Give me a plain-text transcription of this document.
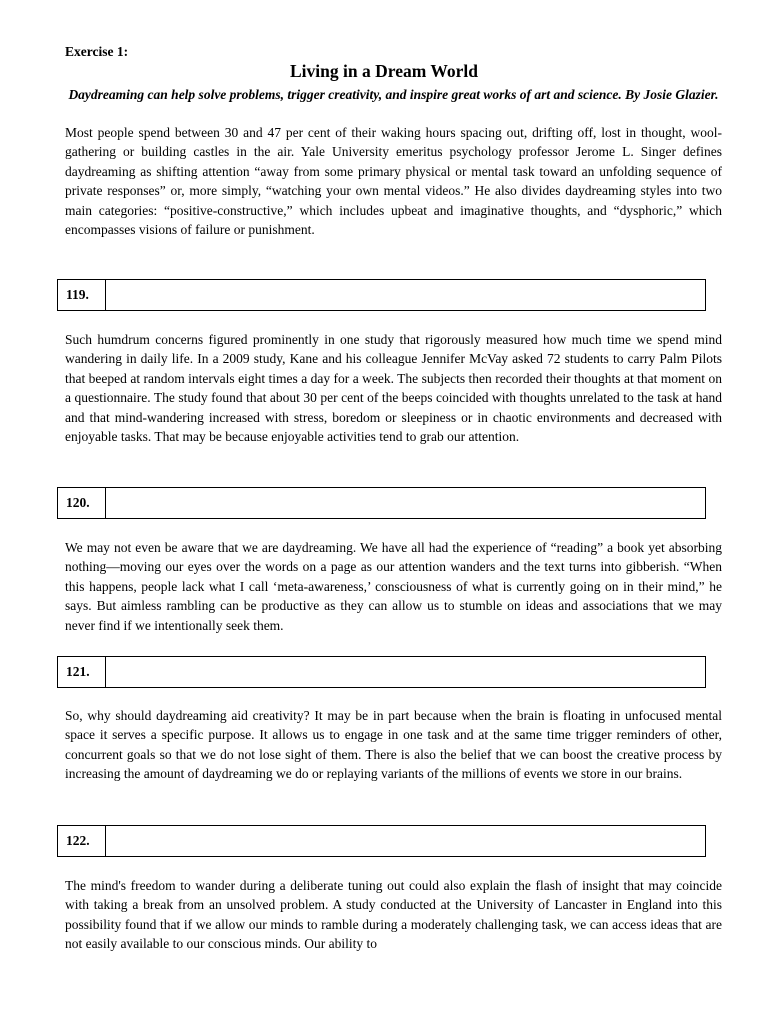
Exercise 1:
Living in a Dream World
Daydreaming can help solve problems, trigger creativity, and inspire great works of art and science. By Josie Glazier.

Most people spend between 30 and 47 per cent of their waking hours spacing out, drifting off, lost in thought, wool-gathering or building castles in the air. Yale University emeritus psychology professor Jerome L. Singer defines daydreaming as shifting attention “away from some primary physical or mental task toward an unfolding sequence of private responses” or, more simply, “watching your own mental videos.” He also divides daydreaming styles into two main categories: “positive-constructive,” which includes upbeat and imaginative thoughts, and “dysphoric,” which encompasses visions of failure or punishment.

119.

Such humdrum concerns figured prominently in one study that rigorously measured how much time we spend mind wandering in daily life. In a 2009 study, Kane and his colleague Jennifer McVay asked 72 students to carry Palm Pilots that beeped at random intervals eight times a day for a week. The subjects then recorded their thoughts at that moment on a questionnaire. The study found that about 30 per cent of the beeps coincided with thoughts unrelated to the task at hand and that mind-wandering increased with stress, boredom or sleepiness or in chaotic environments and decreased with enjoyable tasks. That may be because enjoyable activities tend to grab our attention.

120.

We may not even be aware that we are daydreaming. We have all had the experience of “reading” a book yet absorbing nothing—moving our eyes over the words on a page as our attention wanders and the text turns into gibberish. “When this happens, people lack what I call ‘meta-awareness,’ consciousness of what is currently going on in their mind,” he says. But aimless rambling can be productive as they can allow us to stumble on ideas and associations that we may never find if we intentionally seek them.

121.

So, why should daydreaming aid creativity? It may be in part because when the brain is floating in unfocused mental space it serves a specific purpose. It allows us to engage in one task and at the same time trigger reminders of other, concurrent goals so that we do not lose sight of them. There is also the belief that we can boost the creative process by increasing the amount of daydreaming we do or replaying variants of the millions of events we store in our brains.

122.

The mind's freedom to wander during a deliberate tuning out could also explain the flash of insight that may coincide with taking a break from an unsolved problem. A study conducted at the University of Lancaster in England into this possibility found that if we allow our minds to ramble during a moderately challenging task, we can access ideas that are not easily available to our conscious minds. Our ability to
